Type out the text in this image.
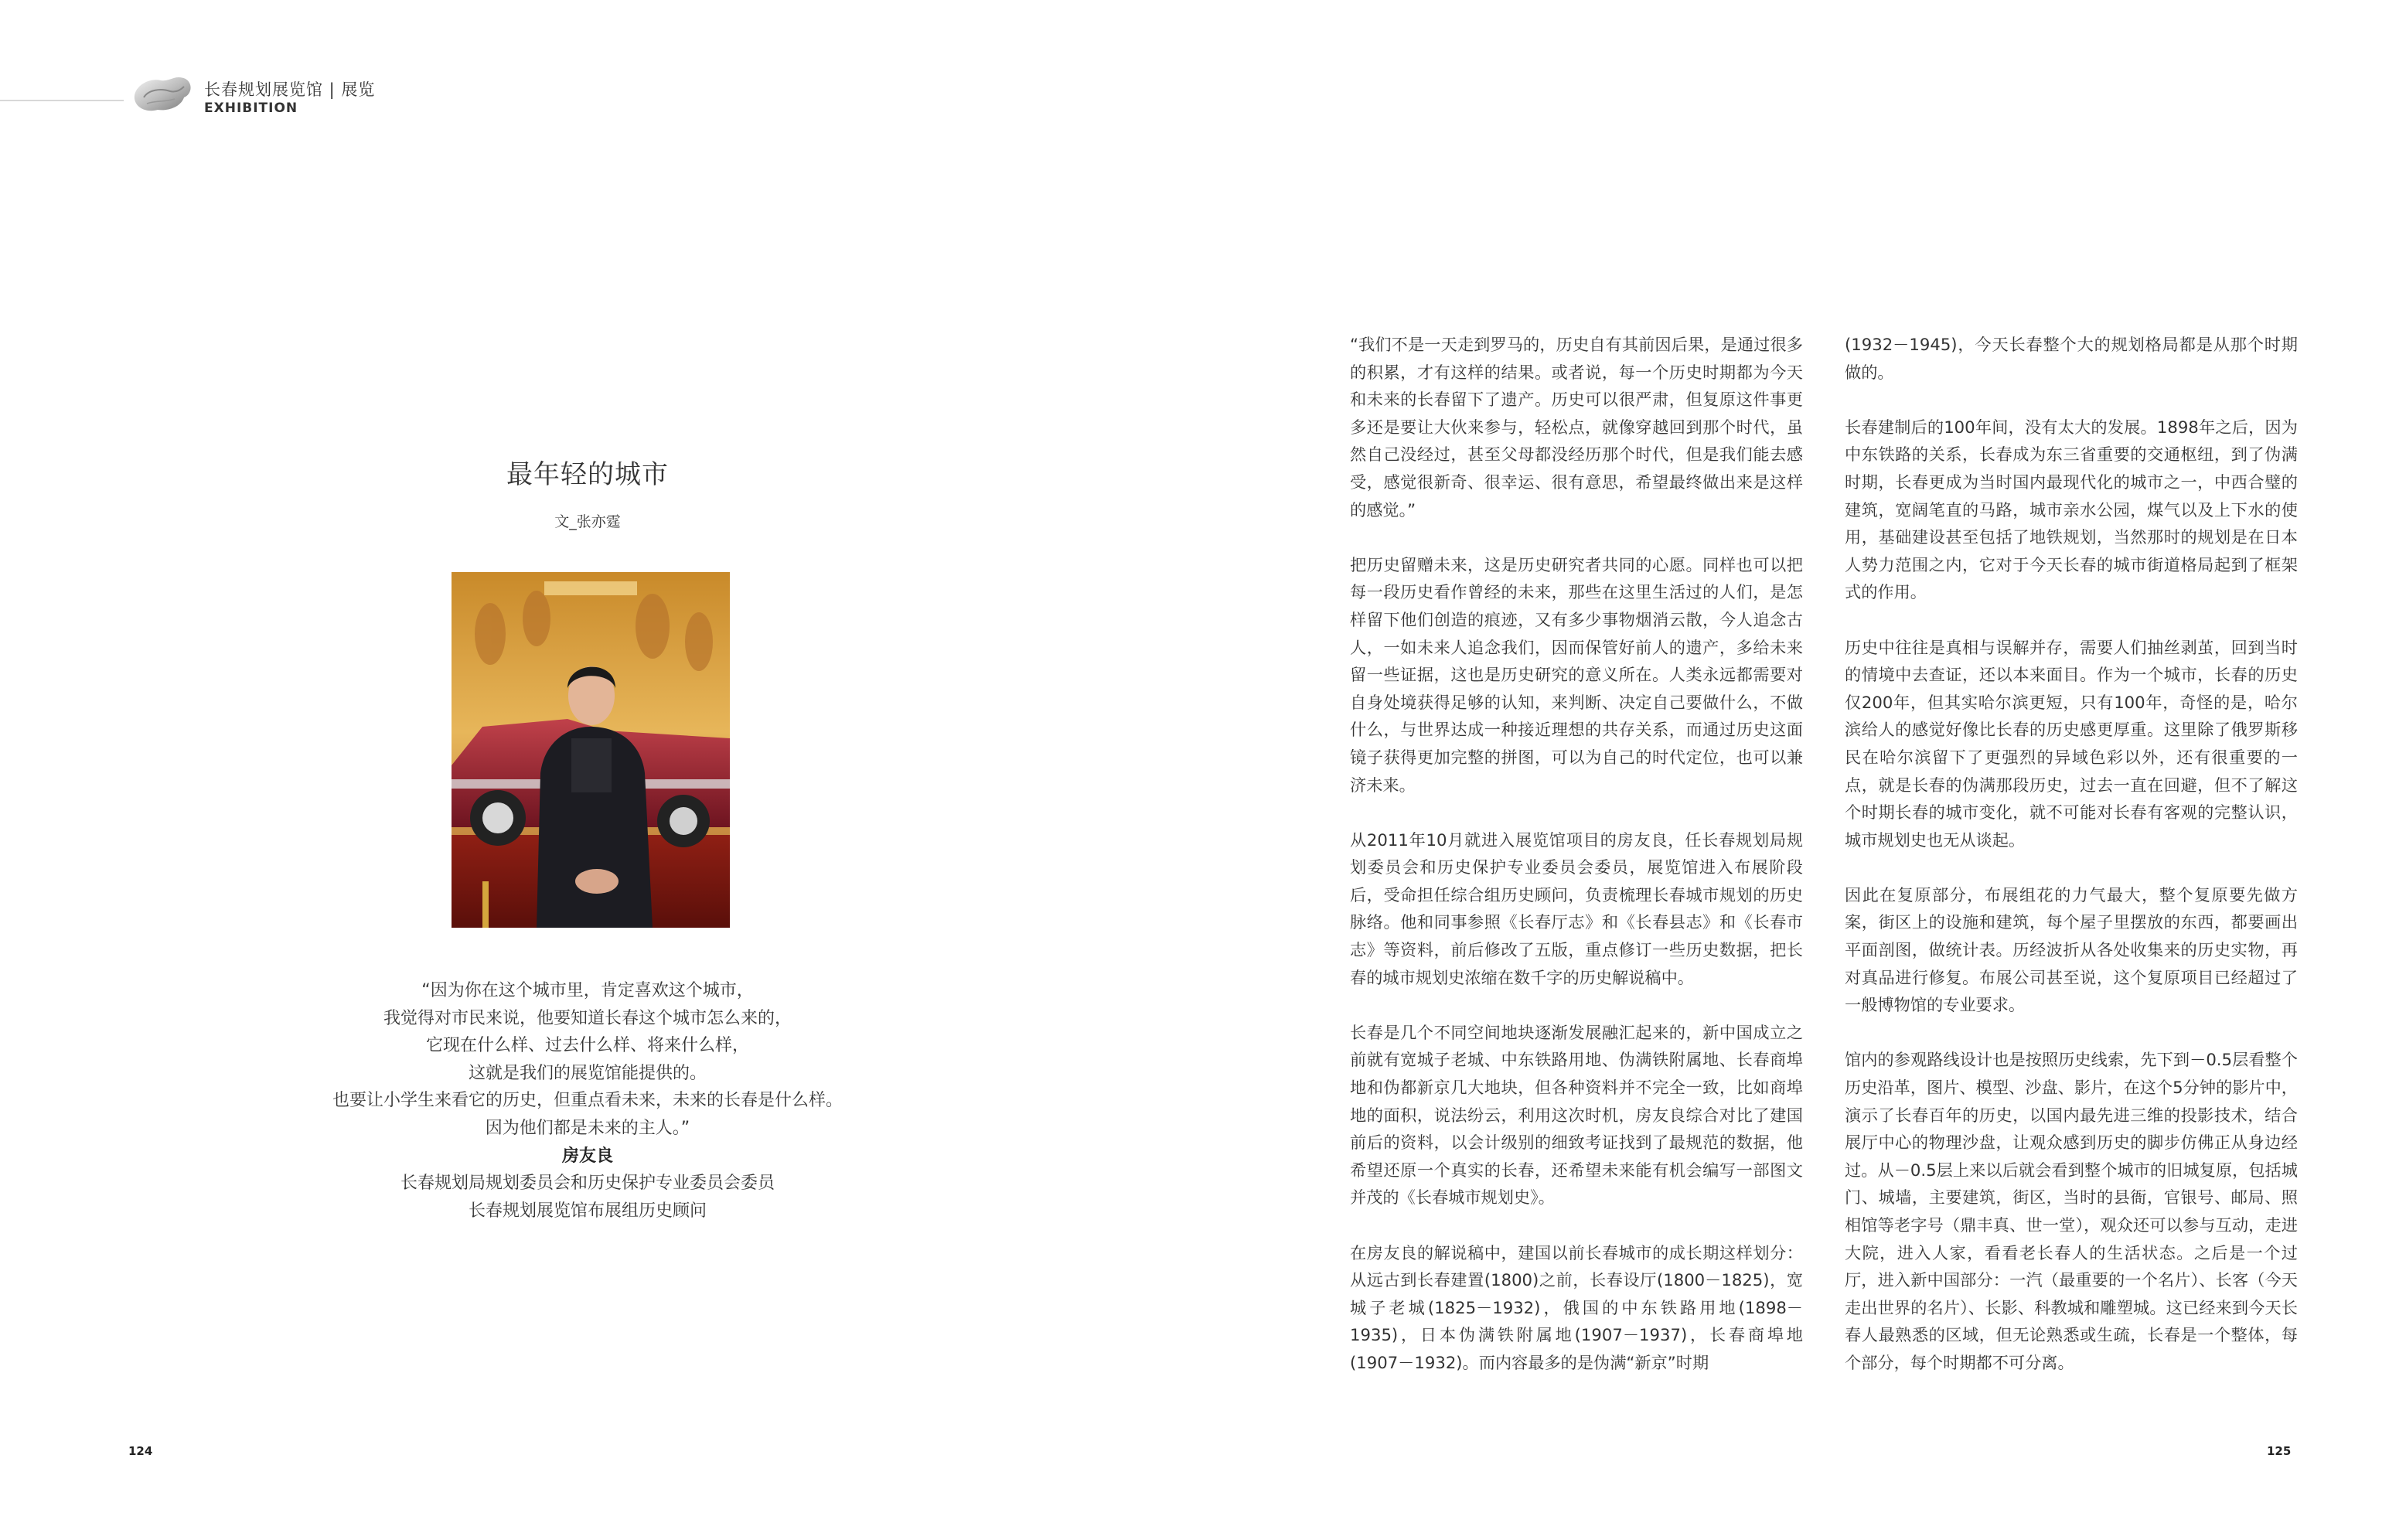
长春规划展览馆 | 展览
EXHIBITION
最年轻的城市
文_张亦霆
“因为你在这个城市里，肯定喜欢这个城市，
我觉得对市民来说，他要知道长春这个城市怎么来的，
它现在什么样、过去什么样、将来什么样，
这就是我们的展览馆能提供的。
也要让小学生来看它的历史，但重点看未来，未来的长春是什么样。
因为他们都是未来的主人。”
房友良
长春规划局规划委员会和历史保护专业委员会委员
长春规划展览馆布展组历史顾问
124

“我们不是一天走到罗马的，历史自有其前因后果，是通过很多的积累，才有这样的结果。或者说，每一个历史时期都为今天和未来的长春留下了遗产。历史可以很严肃，但复原这件事更多还是要让大伙来参与，轻松点，就像穿越回到那个时代，虽然自己没经过，甚至父母都没经历那个时代，但是我们能去感受，感觉很新奇、很幸运、很有意思，希望最终做出来是这样的感觉。”

把历史留赠未来，这是历史研究者共同的心愿。同样也可以把每一段历史看作曾经的未来，那些在这里生活过的人们，是怎样留下他们创造的痕迹，又有多少事物烟消云散，今人追念古人，一如未来人追念我们，因而保管好前人的遗产，多给未来留一些证据，这也是历史研究的意义所在。人类永远都需要对自身处境获得足够的认知，来判断、决定自己要做什么，不做什么，与世界达成一种接近理想的共存关系，而通过历史这面镜子获得更加完整的拼图，可以为自己的时代定位，也可以兼济未来。

从2011年10月就进入展览馆项目的房友良，任长春规划局规划委员会和历史保护专业委员会委员，展览馆进入布展阶段后，受命担任综合组历史顾问，负责梳理长春城市规划的历史脉络。他和同事参照《长春厅志》和《长春县志》和《长春市志》等资料，前后修改了五版，重点修订一些历史数据，把长春的城市规划史浓缩在数千字的历史解说稿中。

长春是几个不同空间地块逐渐发展融汇起来的，新中国成立之前就有宽城子老城、中东铁路用地、伪满铁附属地、长春商埠地和伪都新京几大地块，但各种资料并不完全一致，比如商埠地的面积，说法纷云，利用这次时机，房友良综合对比了建国前后的资料，以会计级别的细致考证找到了最规范的数据，他希望还原一个真实的长春，还希望未来能有机会编写一部图文并茂的《长春城市规划史》。

在房友良的解说稿中，建国以前长春城市的成长期这样划分：从远古到长春建置(1800)之前，长春设厅(1800－1825)，宽城子老城(1825－1932)，俄国的中东铁路用地(1898－1935)，日本伪满铁附属地(1907－1937)，长春商埠地(1907－1932)。而内容最多的是伪满“新京”时期

(1932－1945)，今天长春整个大的规划格局都是从那个时期做的。

长春建制后的100年间，没有太大的发展。1898年之后，因为中东铁路的关系，长春成为东三省重要的交通枢纽，到了伪满时期，长春更成为当时国内最现代化的城市之一，中西合璧的建筑，宽阔笔直的马路，城市亲水公园，煤气以及上下水的使用，基础建设甚至包括了地铁规划，当然那时的规划是在日本人势力范围之内，它对于今天长春的城市街道格局起到了框架式的作用。

历史中往往是真相与误解并存，需要人们抽丝剥茧，回到当时的情境中去查证，还以本来面目。作为一个城市，长春的历史仅200年，但其实哈尔滨更短，只有100年，奇怪的是，哈尔滨给人的感觉好像比长春的历史感更厚重。这里除了俄罗斯移民在哈尔滨留下了更强烈的异域色彩以外，还有很重要的一点，就是长春的伪满那段历史，过去一直在回避，但不了解这个时期长春的城市变化，就不可能对长春有客观的完整认识，城市规划史也无从谈起。

因此在复原部分，布展组花的力气最大，整个复原要先做方案，街区上的设施和建筑，每个屋子里摆放的东西，都要画出平面剖图，做统计表。历经波折从各处收集来的历史实物，再对真品进行修复。布展公司甚至说，这个复原项目已经超过了一般博物馆的专业要求。

馆内的参观路线设计也是按照历史线索，先下到－0.5层看整个历史沿革，图片、模型、沙盘、影片，在这个5分钟的影片中，演示了长春百年的历史，以国内最先进三维的投影技术，结合展厅中心的物理沙盘，让观众感到历史的脚步仿佛正从身边经过。从－0.5层上来以后就会看到整个城市的旧城复原，包括城门、城墙，主要建筑，街区，当时的县衙，官银号、邮局、照相馆等老字号（鼎丰真、世一堂），观众还可以参与互动，走进大院，进入人家，看看老长春人的生活状态。之后是一个过厅，进入新中国部分：一汽（最重要的一个名片）、长客（今天走出世界的名片）、长影、科教城和雕塑城。这已经来到今天长春人最熟悉的区域，但无论熟悉或生疏，长春是一个整体，每个部分，每个时期都不可分离。

125
